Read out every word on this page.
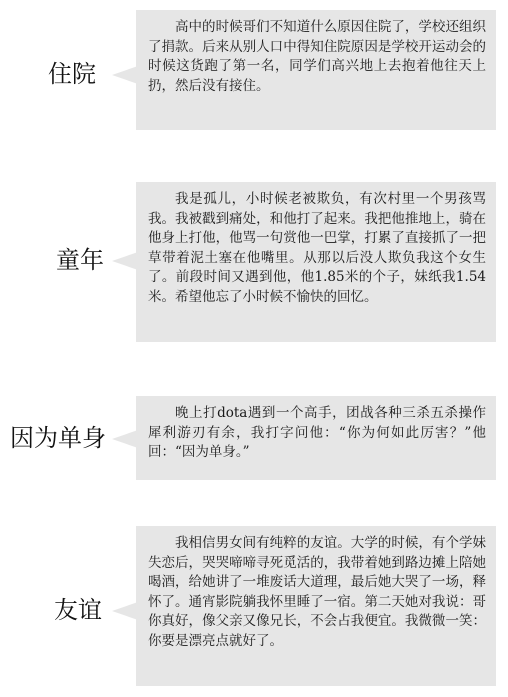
住院
高中的时候哥们不知道什么原因住院了，学校还组织了捐款。后来从别人口中得知住院原因是学校开运动会的时候这货跑了第一名，同学们高兴地上去抱着他往天上扔，然后没有接住。
童年
我是孤儿，小时候老被欺负，有次村里一个男孩骂我。我被戳到痛处，和他打了起来。我把他推地上，骑在他身上打他，他骂一句赏他一巴掌，打累了直接抓了一把草带着泥土塞在他嘴里。从那以后没人欺负我这个女生了。前段时间又遇到他，他1.85米的个子，妹纸我1.54米。希望他忘了小时候不愉快的回忆。
因为单身
晚上打dota遇到一个高手，团战各种三杀五杀操作犀利游刃有余，我打字问他：“你为何如此厉害？”他回：“因为单身。”
友谊
我相信男女间有纯粹的友谊。大学的时候，有个学妹失恋后，哭哭啼啼寻死觅活的，我带着她到路边摊上陪她喝酒，给她讲了一堆废话大道理，最后她大哭了一场，释怀了。通宵影院躺我怀里睡了一宿。第二天她对我说：哥你真好，像父亲又像兄长，不会占我便宜。我微微一笑：你要是漂亮点就好了。
